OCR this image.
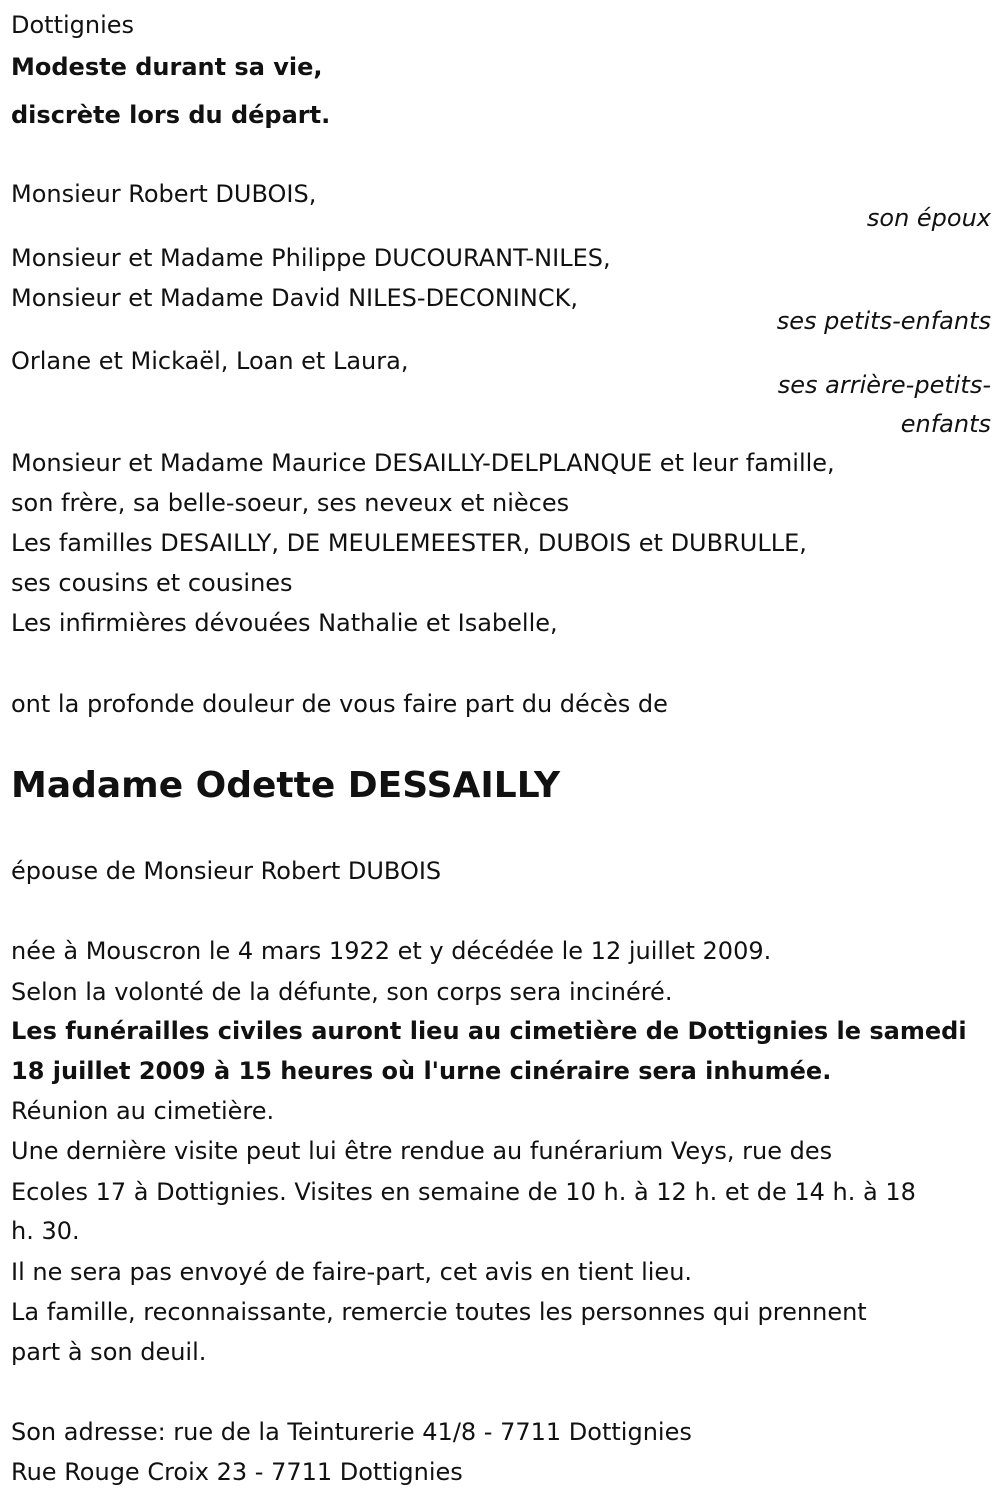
Dottignies
Modeste durant sa vie,
discrète lors du départ.
Monsieur Robert DUBOIS,
son époux
Monsieur et Madame Philippe DUCOURANT-NILES,
Monsieur et Madame David NILES-DECONINCK,
ses petits-enfants
Orlane et Mickaël, Loan et Laura,
ses arrière-petits-
enfants
Monsieur et Madame Maurice DESAILLY-DELPLANQUE et leur famille,
son frère, sa belle-soeur, ses neveux et nièces
Les familles DESAILLY, DE MEULEMEESTER, DUBOIS et DUBRULLE,
ses cousins et cousines
Les infirmières dévouées Nathalie et Isabelle,
ont la profonde douleur de vous faire part du décès de
Madame Odette DESSAILLY
épouse de Monsieur Robert DUBOIS
née à Mouscron le 4 mars 1922 et y décédée le 12 juillet 2009.
Selon la volonté de la défunte, son corps sera incinéré.
Les funérailles civiles auront lieu au cimetière de Dottignies le samedi
18 juillet 2009 à 15 heures où l'urne cinéraire sera inhumée.
Réunion au cimetière.
Une dernière visite peut lui être rendue au funérarium Veys, rue des
Ecoles 17 à Dottignies. Visites en semaine de 10 h. à 12 h. et de 14 h. à 18
h. 30.
Il ne sera pas envoyé de faire-part, cet avis en tient lieu.
La famille, reconnaissante, remercie toutes les personnes qui prennent
part à son deuil.
Son adresse: rue de la Teinturerie 41/8 - 7711 Dottignies
Rue Rouge Croix 23 - 7711 Dottignies
